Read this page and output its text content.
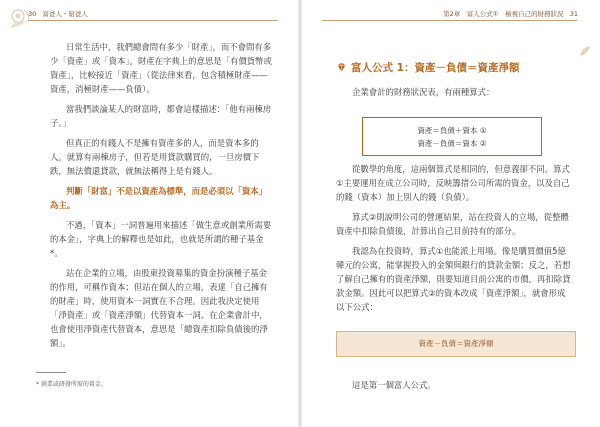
30 富爸人・窮爸人

日常生活中，我們總會問有多少「財產」，而不會問有多少「資產」或「資本」。財產在字典上的意思是「有價貨幣或資產」，比較接近「資產」（從法律來看，包含積極財產——資產，消極財產——負債）。

當我們談論某人的財富時，都會這樣描述：「他有兩棟房子。」

但真正的有錢人不是擁有資產多的人，而是資本多的人。就算有兩棟房子，但若是用貸款購買的，一旦房價下跌，無法償還貸款，就無法稱得上是有錢人。

判斷「財富」不是以資產為標準，而是必須以「資本」為主。

不過，「資本」一詞普遍用來描述「做生意或創業所需要的本金」，字典上的解釋也是如此，也就是所謂的種子基金*。

站在企業的立場，由股東投資募集的資金扮演種子基金的作用，可稱作資本；但站在個人的立場，表達「自己擁有的財產」時，使用資本一詞實在不合理。因此我決定使用「淨資產」或「資產淨額」代替資本一詞。在企業會計中，也會使用淨資產代替資本，意思是「總資產扣除負債後的淨額」。

* 創業或研發所需的資金。
第2章　富人公式①　檢視自己的財務狀況 31
富人公式 1：資產－負債＝資產淨額

企業會計的財務狀況表，有兩種算式：

資產＝負債＋資本 ①
資產－負債＝資本 ②

從數學的角度，這兩個算式是相同的，但意義卻不同。算式①主要運用在成立公司時，反映籌措公司所需的資金，以及自己的錢（資本）加上別人的錢（負債）。

算式②則說明公司的營運結果，站在投資人的立場，從整體資產中扣除負債後，計算出自己目前持有的部分。

我認為在投資時，算式①也能派上用場。像是購買價值5億韓元的公寓，能掌握投入的金額與銀行的貸款金額；反之，若想了解自己擁有的資產淨額，則要知道目前公寓的市價，再扣除貸款金額。因此可以把算式②的資本改成「資產淨額」，就會形成以下公式：

資產－負債＝資產淨額

這是第一個富人公式。
